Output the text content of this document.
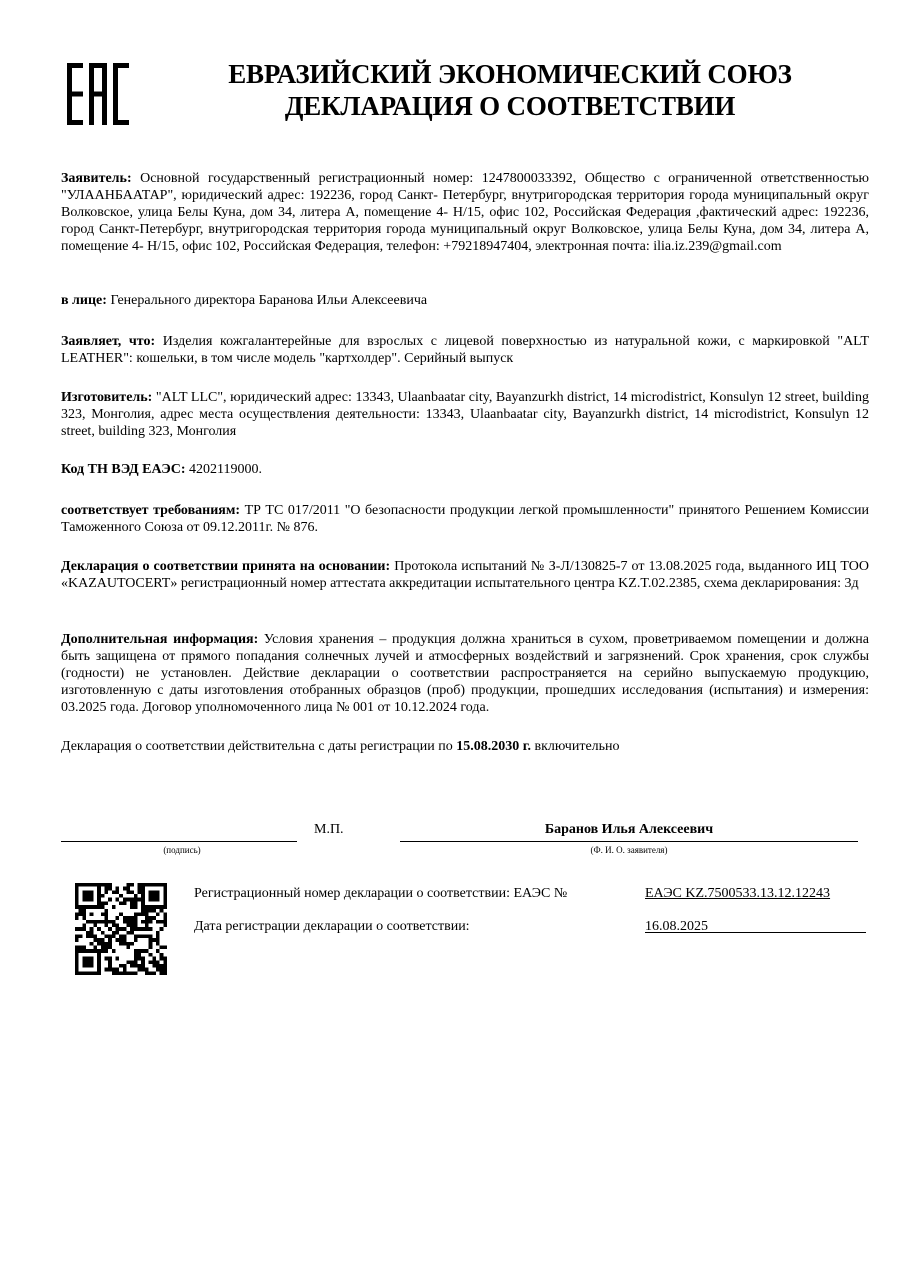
ЕВРАЗИЙСКИЙ ЭКОНОМИЧЕСКИЙ СОЮЗ
ДЕКЛАРАЦИЯ О СООТВЕТСТВИИ
Заявитель: Основной государственный регистрационный номер: 1247800033392, Общество с ограниченной ответственностью "УЛААНБААТАР", юридический адрес: 192236, город Санкт- Петербург, внутригородская территория города муниципальный округ Волковское, улица Белы Куна, дом 34, литера А, помещение 4- Н/15, офис 102, Российская Федерация ,фактический адрес: 192236, город Санкт-Петербург, внутригородская территория города муниципальный округ Волковское, улица Белы Куна, дом 34, литера А, помещение 4- Н/15, офис 102, Российская Федерация, телефон: +79218947404, электронная почта: ilia.iz.239@gmail.com
в лице: Генерального директора Баранова Ильи Алексеевича
Заявляет, что: Изделия кожгалантерейные для взрослых с лицевой поверхностью из натуральной кожи, с маркировкой "ALT LEATHER": кошельки, в том числе модель "картхолдер". Серийный выпуск
Изготовитель: "ALT LLC", юридический адрес: 13343, Ulaanbaatar city, Bayanzurkh district, 14 microdistrict, Konsulyn 12 street, building 323, Монголия, адрес места осуществления деятельности: 13343, Ulaanbaatar city, Bayanzurkh district, 14 microdistrict, Konsulyn 12 street, building 323, Монголия
Код ТН ВЭД ЕАЭС: 4202119000.
соответствует требованиям: ТР ТС 017/2011 "О безопасности продукции легкой промышленности" принятого Решением Комиссии Таможенного Союза от 09.12.2011г. № 876.
Декларация о соответствии принята на основании: Протокола испытаний № З-Л/130825-7 от 13.08.2025 года, выданного ИЦ ТОО «KAZAUTOCERT» регистрационный номер аттестата аккредитации испытательного центра KZ.T.02.2385, схема декларирования: 3д
Дополнительная информация: Условия хранения – продукция должна храниться в сухом, проветриваемом помещении и должна быть защищена от прямого попадания солнечных лучей и атмосферных воздействий и загрязнений. Срок хранения, срок службы (годности) не установлен. Действие декларации о соответствии распространяется на серийно выпускаемую продукцию, изготовленную с даты изготовления отобранных образцов (проб) продукции, прошедших исследования (испытания) и измерения: 03.2025 года. Договор уполномоченного лица № 001 от 10.12.2024 года.
Декларация о соответствии действительна с даты регистрации по 15.08.2030 г. включительно
М.П.	Баранов Илья Алексеевич
(подпись)	(Ф. И. О. заявителя)
Регистрационный номер декларации о соответствии: ЕАЭС №	ЕАЭС KZ.7500533.13.12.12243
Дата регистрации декларации о соответствии:	16.08.2025
